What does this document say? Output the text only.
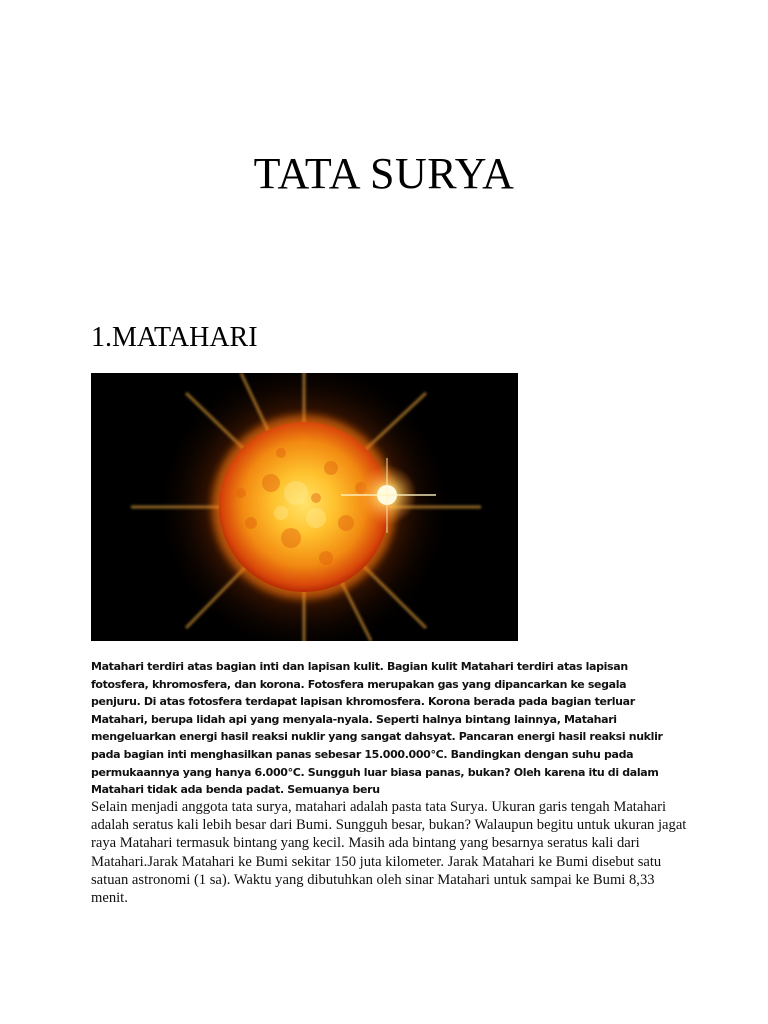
TATA SURYA
1.MATAHARI

Matahari terdiri atas bagian inti dan lapisan kulit. Bagian kulit Matahari terdiri atas lapisan fotosfera, khromosfera, dan korona. Fotosfera merupakan gas yang dipancarkan ke segala penjuru. Di atas fotosfera terdapat lapisan khromosfera. Korona berada pada bagian terluar Matahari, berupa lidah api yang menyala-nyala. Seperti halnya bintang lainnya, Matahari mengeluarkan energi hasil reaksi nuklir yang sangat dahsyat. Pancaran energi hasil reaksi nuklir pada bagian inti menghasilkan panas sebesar 15.000.000°C. Bandingkan dengan suhu pada permukaannya yang hanya 6.000°C. Sungguh luar biasa panas, bukan? Oleh karena itu di dalam Matahari tidak ada benda padat. Semuanya beru

Selain menjadi anggota tata surya, matahari adalah pasta tata Surya. Ukuran garis tengah Matahari adalah seratus kali lebih besar dari Bumi. Sungguh besar, bukan? Walaupun begitu untuk ukuran jagat raya Matahari termasuk bintang yang kecil. Masih ada bintang yang besarnya seratus kali dari Matahari.Jarak Matahari ke Bumi sekitar 150 juta kilometer. Jarak Matahari ke Bumi disebut satu satuan astronomi (1 sa). Waktu yang dibutuhkan oleh sinar Matahari untuk sampai ke Bumi 8,33 menit.
